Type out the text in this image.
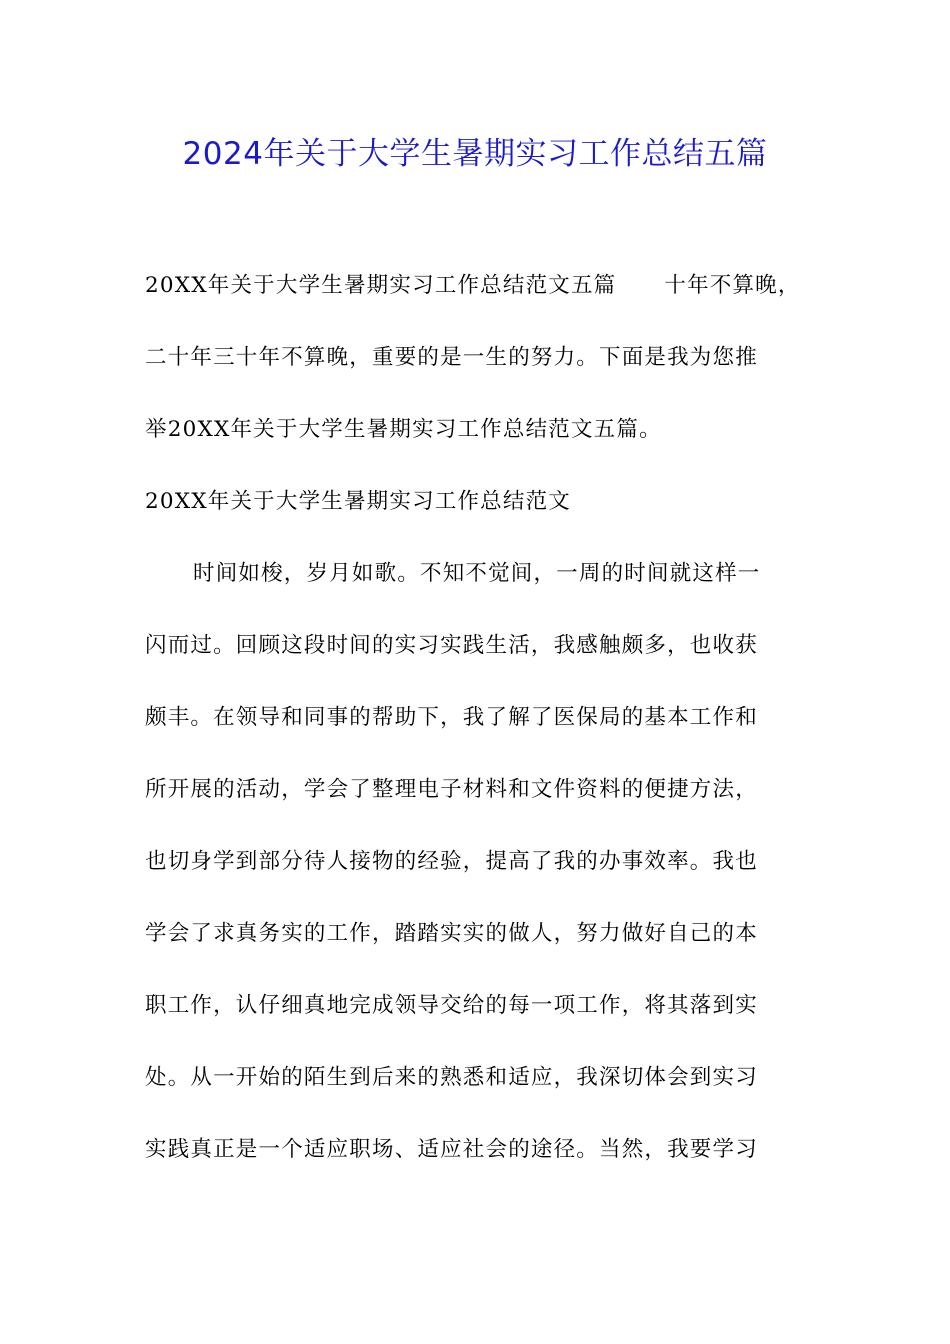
2024年关于大学生暑期实习工作总结五篇
20XX年关于大学生暑期实习工作总结范文五篇 十年不算晚，
二十年三十年不算晚，重要的是一生的努力。下面是我为您推
举20XX年关于大学生暑期实习工作总结范文五篇。
20XX年关于大学生暑期实习工作总结范文
时间如梭，岁月如歌。不知不觉间，一周的时间就这样一
闪而过。回顾这段时间的实习实践生活，我感触颇多，也收获
颇丰。在领导和同事的帮助下，我了解了医保局的基本工作和
所开展的活动，学会了整理电子材料和文件资料的便捷方法，
也切身学到部分待人接物的经验，提高了我的办事效率。我也
学会了求真务实的工作，踏踏实实的做人，努力做好自己的本
职工作，认仔细真地完成领导交给的每一项工作，将其落到实
处。从一开始的陌生到后来的熟悉和适应，我深切体会到实习
实践真正是一个适应职场、适应社会的途径。当然，我要学习
